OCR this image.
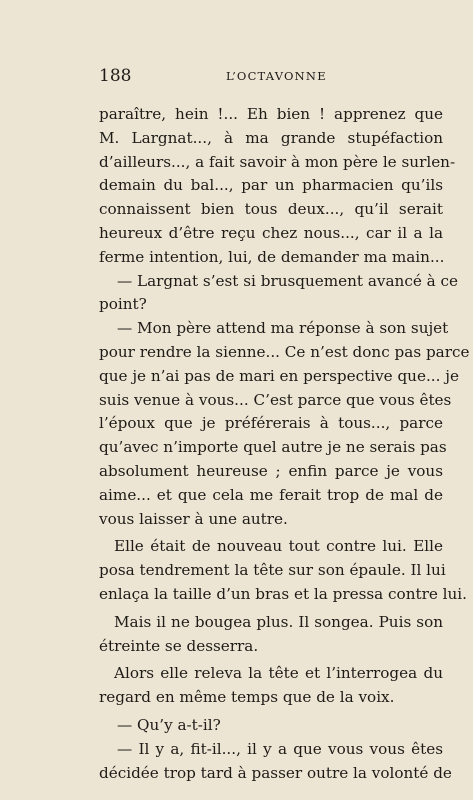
188	L’OCTAVONNE
paraître, hein !... Eh bien ! apprenez que
M. Largnat..., à ma grande stupéfaction
d’ailleurs..., a fait savoir à mon père le surlen-
demain du bal..., par un pharmacien qu’ils
connaissent bien tous deux..., qu’il serait
heureux d’être reçu chez nous..., car il a la
ferme intention, lui, de demander ma main...
— Largnat s’est si brusquement avancé à ce
point?
— Mon père attend ma réponse à son sujet
pour rendre la sienne... Ce n’est donc pas parce
que je n’ai pas de mari en perspective que... je
suis venue à vous... C’est parce que vous êtes
l’époux que je préférerais à tous..., parce
qu’avec n’importe quel autre je ne serais pas
absolument heureuse ; enfin parce je vous
aime... et que cela me ferait trop de mal de
vous laisser à une autre.
Elle était de nouveau tout contre lui. Elle
posa tendrement la tête sur son épaule. Il lui
enlaça la taille d’un bras et la pressa contre lui.
Mais il ne bougea plus. Il songea. Puis son
étreinte se desserra.
Alors elle releva la tête et l’interrogea du
regard en même temps que de la voix.
— Qu’y a-t-il?
— Il y a, fit-il..., il y a que vous vous êtes
décidée trop tard à passer outre la volonté de
